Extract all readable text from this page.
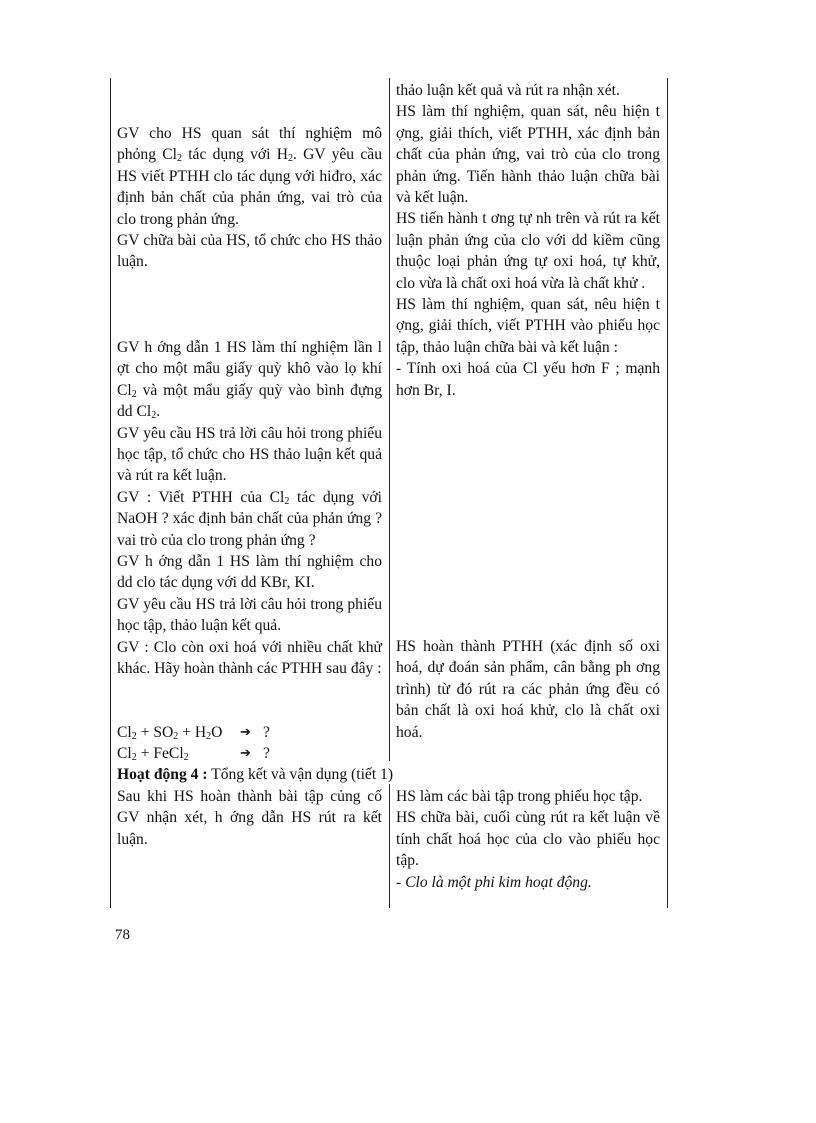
thảo luận kết quả và rút ra nhận xét.

HS làm thí nghiệm, quan sát, nêu hiện t ợng, giải thích, viết PTHH, xác định bản chất của phản ứng, vai trò của clo trong phản ứng. Tiến hành thảo luận chữa bài và kết luận.

HS tiến hành t ơng tự nh trên và rút ra kết luận phản ứng của clo với dd kiềm cũng thuộc loại phản ứng tự oxi hoá, tự khử, clo vừa là chất oxi hoá vừa là chất khử .

HS làm thí nghiệm, quan sát, nêu hiện t ợng, giải thích, viết PTHH vào phiếu học tập, thảo luận chữa bài và kết luận :

- Tính oxi hoá của Cl yếu hơn F ; mạnh hơn Br, I.

HS hoàn thành PTHH (xác định số oxi hoá, dự đoán sản phẩm, cân bằng ph ơng trình) từ đó rút ra các phản ứng đều có bản chất là oxi hoá khử, clo là chất oxi hoá.

GV cho HS quan sát thí nghiệm mô phỏng $Cl_2$ tác dụng với $H_2$. GV yêu cầu HS viết PTHH clo tác dụng với hiđro, xác định bản chất của phản ứng, vai trò của clo trong phản ứng.

GV chữa bài của HS, tổ chức cho HS thảo luận.

GV h ớng dẫn 1 HS làm thí nghiệm lần l ợt cho một mẩu giấy quỳ khô vào lọ khí $Cl_2$ và một mẩu giấy quỳ vào bình đựng dd $Cl_2$.

GV yêu cầu HS trả lời câu hỏi trong phiếu học tập, tổ chức cho HS thảo luận kết quả và rút ra kết luận.

GV : Viết PTHH của $Cl_2$ tác dụng với NaOH ? xác định bản chất của phản ứng ? vai trò của clo trong phản ứng ?

GV h ớng dẫn 1 HS làm thí nghiệm cho dd clo tác dụng với dd KBr, KI.

GV yêu cầu HS trả lời câu hỏi trong phiếu học tập, thảo luận kết quả.

GV : Clo còn oxi hoá với nhiều chất khử khác. Hãy hoàn thành các PTHH sau đây :

$Cl_2 + SO_2 + H_2O$ ➔ ?
$Cl_2$ + FeCl$_2$	➔ ?
Hoạt động 4 : Tổng kết và vận dụng (tiết 1)

Sau khi HS hoàn thành bài tập củng cố GV nhận xét, h ớng dẫn HS rút ra kết luận.

HS làm các bài tập trong phiếu học tập.

HS chữa bài, cuối cùng rút ra kết luận về tính chất hoá học của clo vào phiếu học tập.

- Clo là một phi kim hoạt động.

78
